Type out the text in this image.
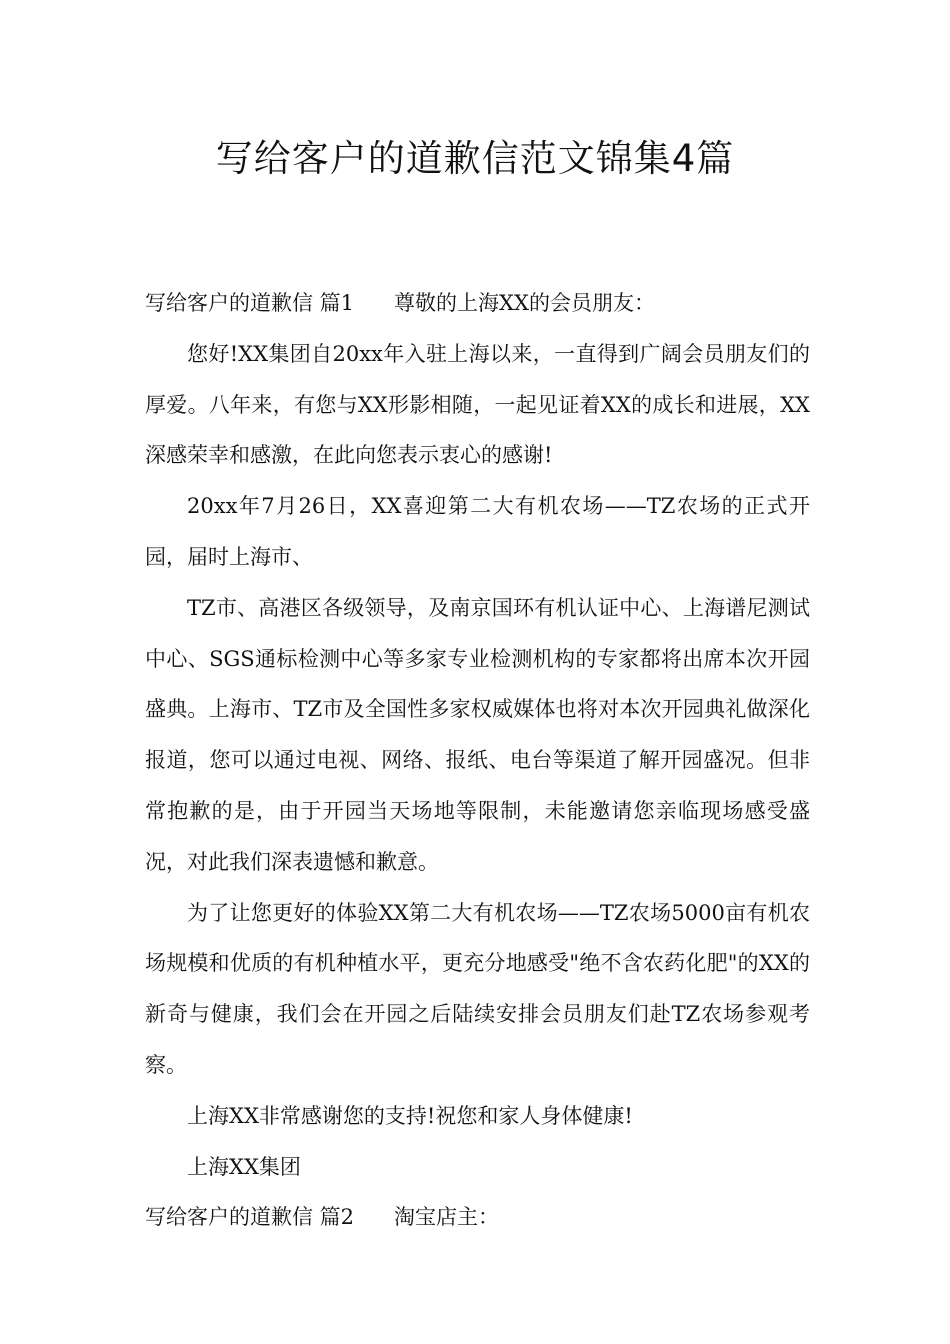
写给客户的道歉信范文锦集4篇

写给客户的道歉信 篇1 尊敬的上海XX的会员朋友：

您好!XX集团自20xx年入驻上海以来，一直得到广阔会员朋友们的厚爱。八年来，有您与XX形影相随，一起见证着XX的成长和进展，XX深感荣幸和感激，在此向您表示衷心的感谢!

20xx年7月26日，XX喜迎第二大有机农场——TZ农场的正式开园，届时上海市、

TZ市、高港区各级领导，及南京国环有机认证中心、上海谱尼测试中心、SGS通标检测中心等多家专业检测机构的专家都将出席本次开园盛典。上海市、TZ市及全国性多家权威媒体也将对本次开园典礼做深化报道，您可以通过电视、网络、报纸、电台等渠道了解开园盛况。但非常抱歉的是，由于开园当天场地等限制，未能邀请您亲临现场感受盛况，对此我们深表遗憾和歉意。

为了让您更好的体验XX第二大有机农场——TZ农场5000亩有机农场规模和优质的有机种植水平，更充分地感受"绝不含农药化肥"的XX的新奇与健康，我们会在开园之后陆续安排会员朋友们赴TZ农场参观考察。

上海XX非常感谢您的支持!祝您和家人身体健康!

上海XX集团

写给客户的道歉信 篇2 淘宝店主：
